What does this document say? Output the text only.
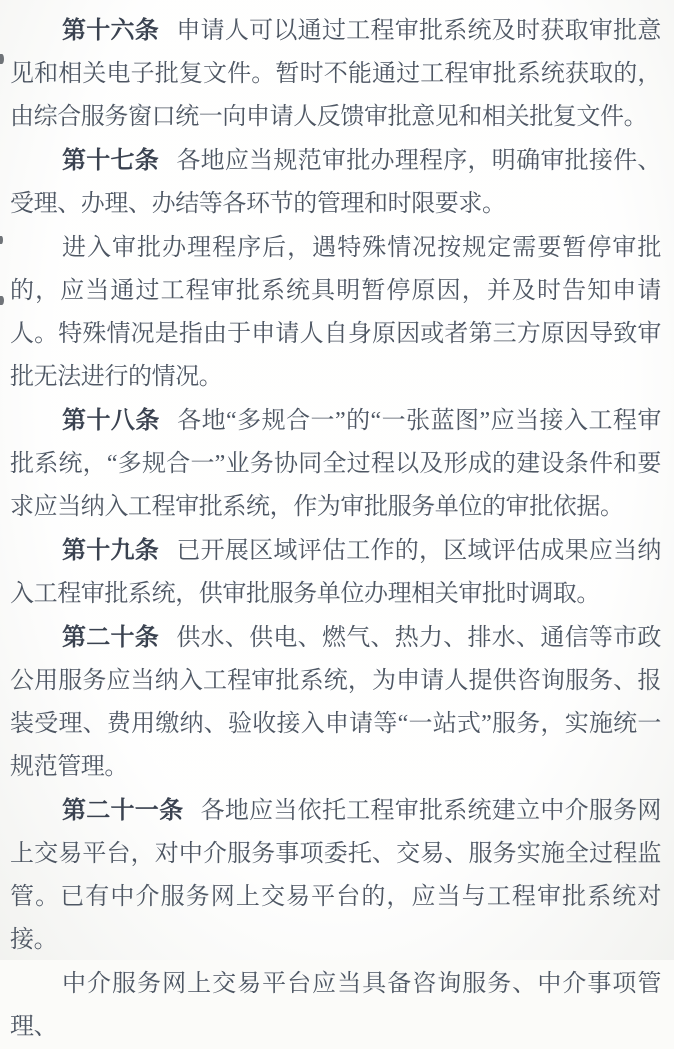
第十六条 申请人可以通过工程审批系统及时获取审批意见和相关电子批复文件。暂时不能通过工程审批系统获取的，由综合服务窗口统一向申请人反馈审批意见和相关批复文件。

第十七条 各地应当规范审批办理程序，明确审批接件、受理、办理、办结等各环节的管理和时限要求。

进入审批办理程序后，遇特殊情况按规定需要暂停审批的，应当通过工程审批系统具明暂停原因，并及时告知申请人。特殊情况是指由于申请人自身原因或者第三方原因导致审批无法进行的情况。

第十八条 各地“多规合一”的“一张蓝图”应当接入工程审批系统，“多规合一”业务协同全过程以及形成的建设条件和要求应当纳入工程审批系统，作为审批服务单位的审批依据。

第十九条 已开展区域评估工作的，区域评估成果应当纳入工程审批系统，供审批服务单位办理相关审批时调取。

第二十条 供水、供电、燃气、热力、排水、通信等市政公用服务应当纳入工程审批系统，为申请人提供咨询服务、报装受理、费用缴纳、验收接入申请等“一站式”服务，实施统一规范管理。

第二十一条 各地应当依托工程审批系统建立中介服务网上交易平台，对中介服务事项委托、交易、服务实施全过程监管。已有中介服务网上交易平台的，应当与工程审批系统对接。

中介服务网上交易平台应当具备咨询服务、中介事项管理、
